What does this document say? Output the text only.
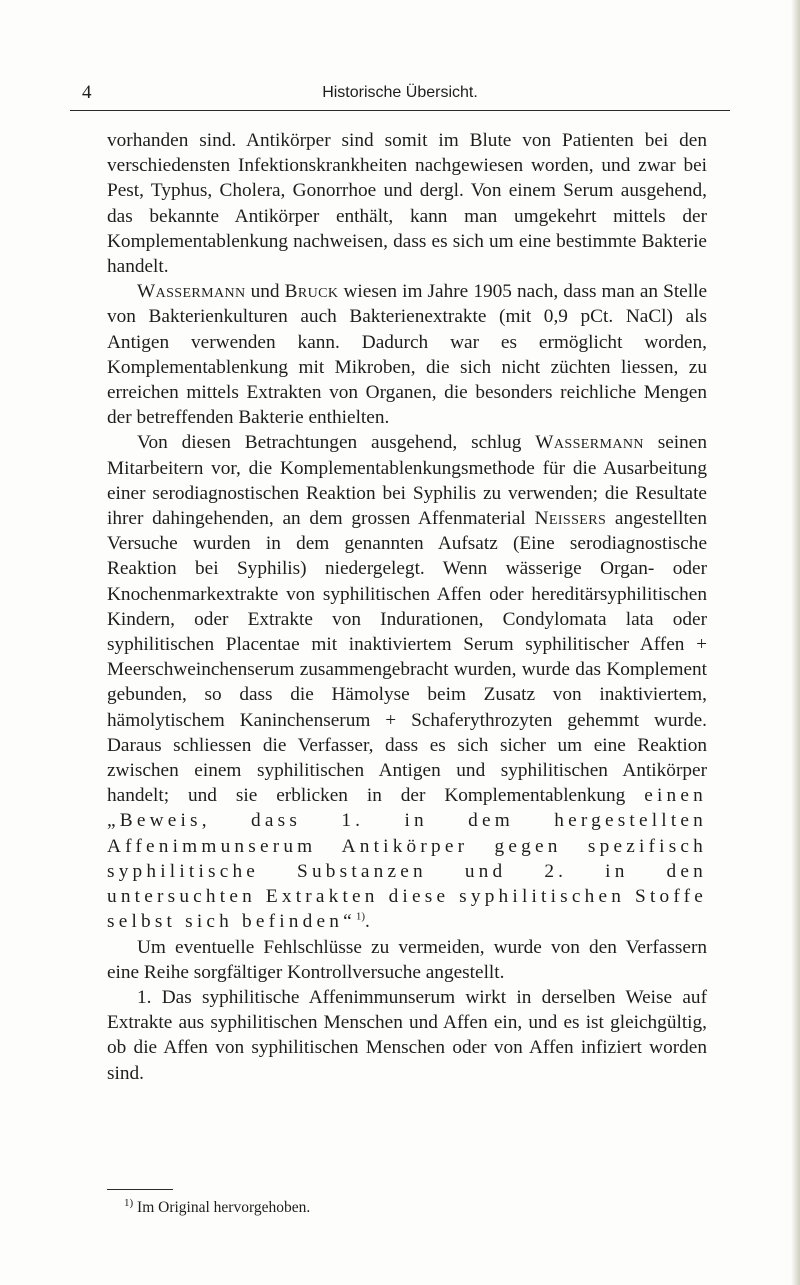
4	Historische Übersicht.

vorhanden sind. Antikörper sind somit im Blute von Patienten bei den verschiedensten Infektionskrankheiten nachgewiesen worden, und zwar bei Pest, Typhus, Cholera, Gonorrhoe und dergl. Von einem Serum ausgehend, das bekannte Antikörper enthält, kann man umgekehrt mittels der Komplementablenkung nachweisen, dass es sich um eine bestimmte Bakterie handelt.

Wassermann und Bruck wiesen im Jahre 1905 nach, dass man an Stelle von Bakterienkulturen auch Bakterienextrakte (mit 0,9 pCt. NaCl) als Antigen verwenden kann. Dadurch war es ermöglicht worden, Komplementablenkung mit Mikroben, die sich nicht züchten liessen, zu erreichen mittels Extrakten von Organen, die besonders reichliche Mengen der betreffenden Bakterie enthielten.

Von diesen Betrachtungen ausgehend, schlug Wassermann seinen Mitarbeitern vor, die Komplementablenkungsmethode für die Ausarbeitung einer serodiagnostischen Reaktion bei Syphilis zu verwenden; die Resultate ihrer dahingehenden, an dem grossen Affenmaterial Neissers angestellten Versuche wurden in dem genannten Aufsatz (Eine serodiagnostische Reaktion bei Syphilis) niedergelegt. Wenn wässerige Organ- oder Knochenmarkextrakte von syphilitischen Affen oder hereditärsyphilitischen Kindern, oder Extrakte von Indurationen, Condylomata lata oder syphilitischen Placentae mit inaktiviertem Serum syphilitischer Affen + Meerschweinchenserum zusammengebracht wurden, wurde das Komplement gebunden, so dass die Hämolyse beim Zusatz von inaktiviertem, hämolytischem Kaninchenserum + Schaferythrozyten gehemmt wurde. Daraus schliessen die Verfasser, dass es sich sicher um eine Reaktion zwischen einem syphilitischen Antigen und syphilitischen Antikörper handelt; und sie erblicken in der Komplementablenkung einen „Beweis, dass 1. in dem hergestellten Affenimmunserum Antikörper gegen spezifisch syphilitische Substanzen und 2. in den untersuchten Extrakten diese syphilitischen Stoffe selbst sich befinden“$^{1)}$.

Um eventuelle Fehlschlüsse zu vermeiden, wurde von den Verfassern eine Reihe sorgfältiger Kontrollversuche angestellt.

1. Das syphilitische Affenimmunserum wirkt in derselben Weise auf Extrakte aus syphilitischen Menschen und Affen ein, und es ist gleichgültig, ob die Affen von syphilitischen Menschen oder von Affen infiziert worden sind.

$^{1)}$ Im Original hervorgehoben.
